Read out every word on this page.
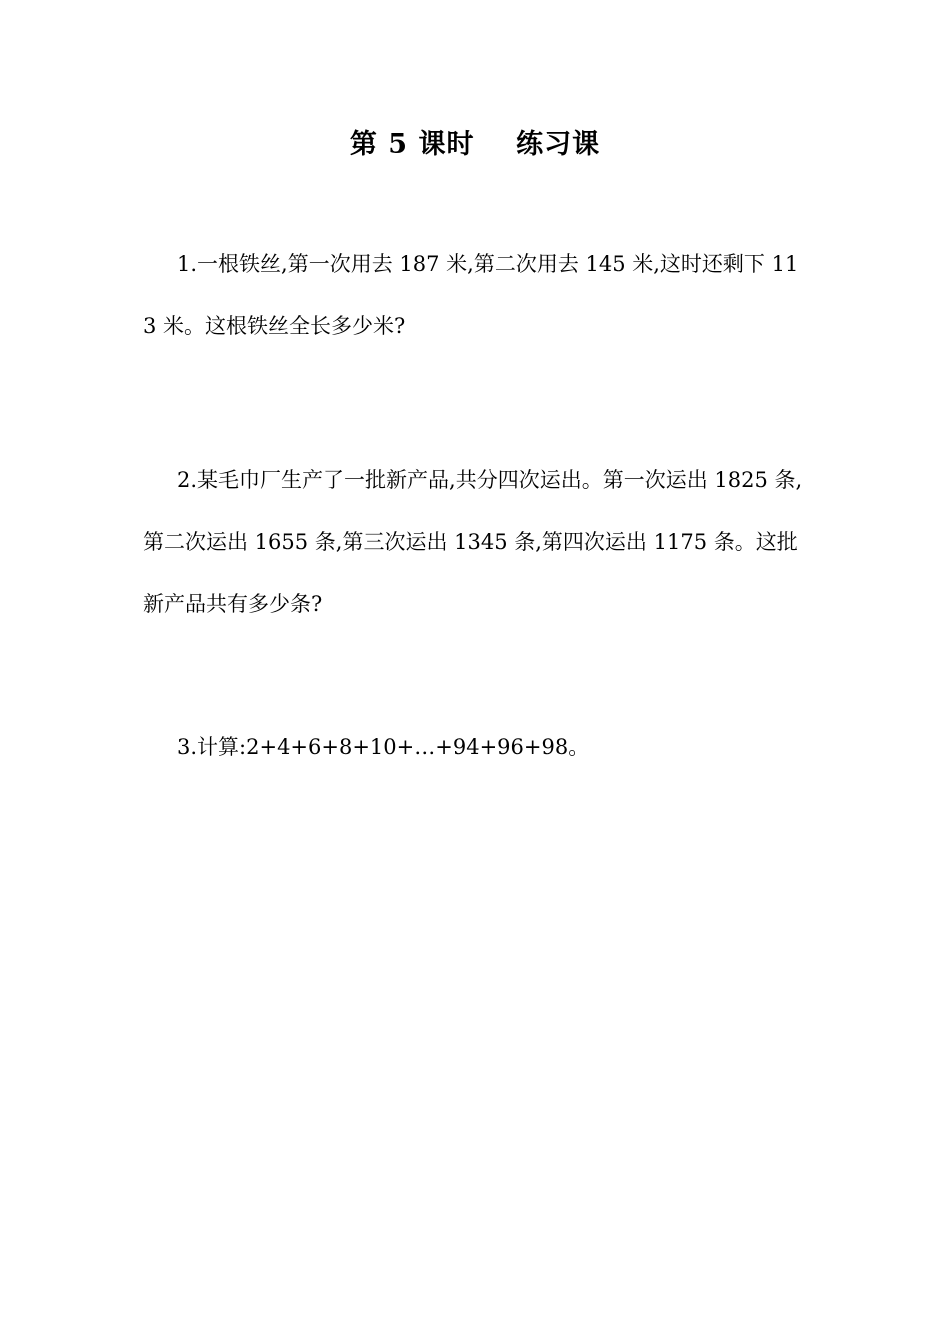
第 5 课时    练习课
1.一根铁丝,第一次用去 187 米,第二次用去 145 米,这时还剩下 113 米。这根铁丝全长多少米?
2.某毛巾厂生产了一批新产品,共分四次运出。第一次运出 1825 条,第二次运出 1655 条,第三次运出 1345 条,第四次运出 1175 条。这批新产品共有多少条?
3.计算:2+4+6+8+10+…+94+96+98。
